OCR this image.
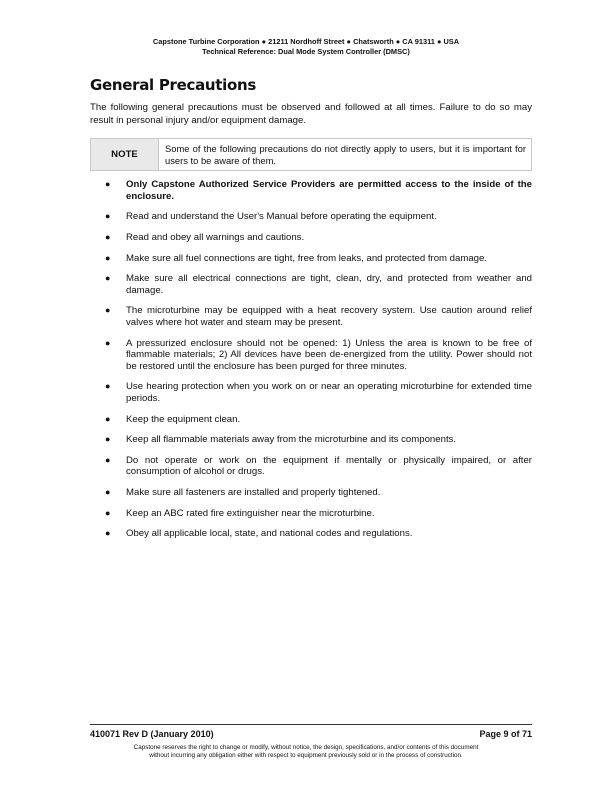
Capstone Turbine Corporation ● 21211 Nordhoff Street ● Chatsworth ● CA 91311 ● USA
Technical Reference: Dual Mode System Controller (DMSC)
General Precautions

The following general precautions must be observed and followed at all times. Failure to do so may result in personal injury and/or equipment damage.

NOTE
Some of the following precautions do not directly apply to users, but it is important for users to be aware of them.
● Only Capstone Authorized Service Providers are permitted access to the inside of the enclosure.
● Read and understand the User's Manual before operating the equipment.
● Read and obey all warnings and cautions.
● Make sure all fuel connections are tight, free from leaks, and protected from damage.
● Make sure all electrical connections are tight, clean, dry, and protected from weather and damage.
● The microturbine may be equipped with a heat recovery system. Use caution around relief valves where hot water and steam may be present.
● A pressurized enclosure should not be opened: 1) Unless the area is known to be free of flammable materials; 2) All devices have been de-energized from the utility. Power should not be restored until the enclosure has been purged for three minutes.
● Use hearing protection when you work on or near an operating microturbine for extended time periods.
● Keep the equipment clean.
● Keep all flammable materials away from the microturbine and its components.
● Do not operate or work on the equipment if mentally or physically impaired, or after consumption of alcohol or drugs.
● Make sure all fasteners are installed and properly tightened.
● Keep an ABC rated fire extinguisher near the microturbine.
● Obey all applicable local, state, and national codes and regulations.
410071 Rev D (January 2010)	Page 9 of 71
Capstone reserves the right to change or modify, without notice, the design, specifications, and/or contents of this document
without incurring any obligation either with respect to equipment previously sold or in the process of construction.
